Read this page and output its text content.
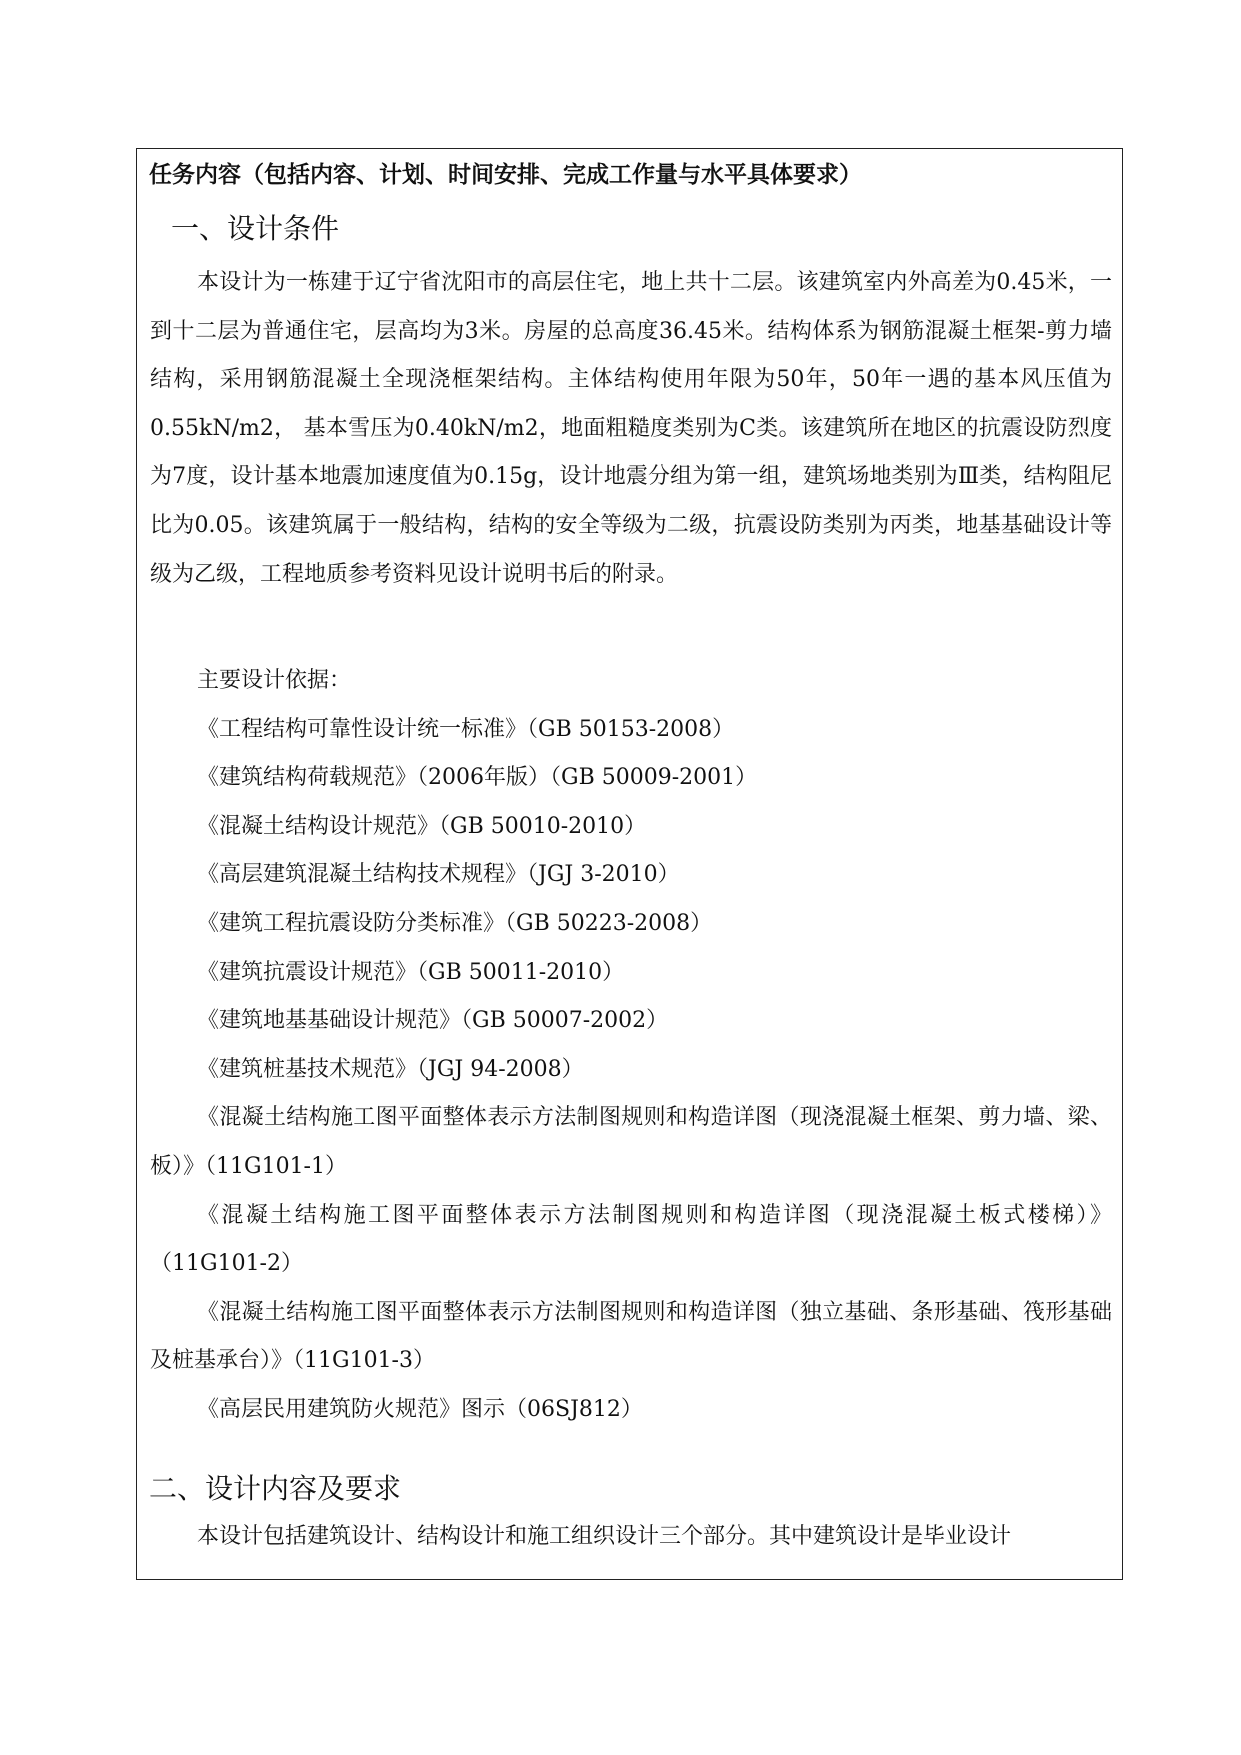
任务内容（包括内容、计划、时间安排、完成工作量与水平具体要求）
一、设计条件

本设计为一栋建于辽宁省沈阳市的高层住宅，地上共十二层。该建筑室内外高差为0.45米，一到十二层为普通住宅，层高均为3米。房屋的总高度36.45米。结构体系为钢筋混凝土框架-剪力墙结构，采用钢筋混凝土全现浇框架结构。主体结构使用年限为50年，50年一遇的基本风压值为0.55kN/m2， 基本雪压为0.40kN/m2，地面粗糙度类别为C类。该建筑所在地区的抗震设防烈度为7度，设计基本地震加速度值为0.15g，设计地震分组为第一组，建筑场地类别为Ⅲ类，结构阻尼比为0.05。该建筑属于一般结构，结构的安全等级为二级，抗震设防类别为丙类，地基基础设计等级为乙级，工程地质参考资料见设计说明书后的附录。

主要设计依据：

《工程结构可靠性设计统一标准》（GB 50153-2008）

《建筑结构荷载规范》（2006年版）（GB 50009-2001）

《混凝土结构设计规范》（GB 50010-2010）

《高层建筑混凝土结构技术规程》（JGJ 3-2010）

《建筑工程抗震设防分类标准》（GB 50223-2008）

《建筑抗震设计规范》（GB 50011-2010）

《建筑地基基础设计规范》（GB 50007-2002）

《建筑桩基技术规范》（JGJ 94-2008）

《混凝土结构施工图平面整体表示方法制图规则和构造详图（现浇混凝土框架、剪力墙、梁、板）》（11G101-1）

《混凝土结构施工图平面整体表示方法制图规则和构造详图（现浇混凝土板式楼梯）》（11G101-2）

《混凝土结构施工图平面整体表示方法制图规则和构造详图（独立基础、条形基础、筏形基础及桩基承台）》（11G101-3）

《高层民用建筑防火规范》图示（06SJ812）

二、设计内容及要求

本设计包括建筑设计、结构设计和施工组织设计三个部分。其中建筑设计是毕业设计
